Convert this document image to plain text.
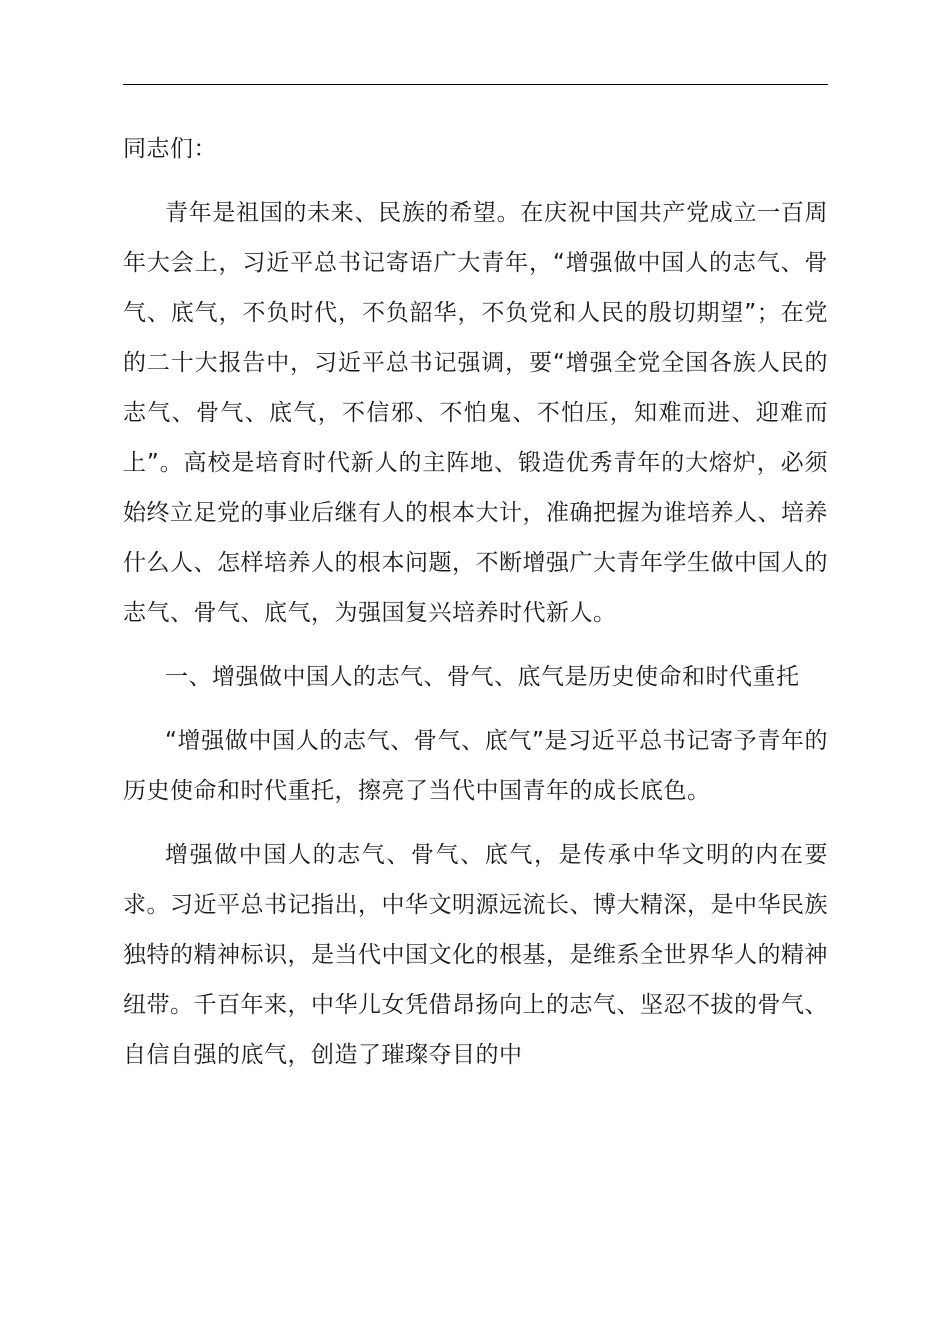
同志们：

青年是祖国的未来、民族的希望。在庆祝中国共产党成立一百周年大会上，习近平总书记寄语广大青年，“增强做中国人的志气、骨气、底气，不负时代，不负韶华，不负党和人民的殷切期望”；在党的二十大报告中，习近平总书记强调，要“增强全党全国各族人民的志气、骨气、底气，不信邪、不怕鬼、不怕压，知难而进、迎难而上”。高校是培育时代新人的主阵地、锻造优秀青年的大熔炉，必须始终立足党的事业后继有人的根本大计，准确把握为谁培养人、培养什么人、怎样培养人的根本问题，不断增强广大青年学生做中国人的志气、骨气、底气，为强国复兴培养时代新人。

一、增强做中国人的志气、骨气、底气是历史使命和时代重托

“增强做中国人的志气、骨气、底气”是习近平总书记寄予青年的历史使命和时代重托，擦亮了当代中国青年的成长底色。

增强做中国人的志气、骨气、底气，是传承中华文明的内在要求。习近平总书记指出，中华文明源远流长、博大精深，是中华民族独特的精神标识，是当代中国文化的根基，是维系全世界华人的精神纽带。千百年来，中华儿女凭借昂扬向上的志气、坚忍不拔的骨气、自信自强的底气，创造了璀璨夺目的中
